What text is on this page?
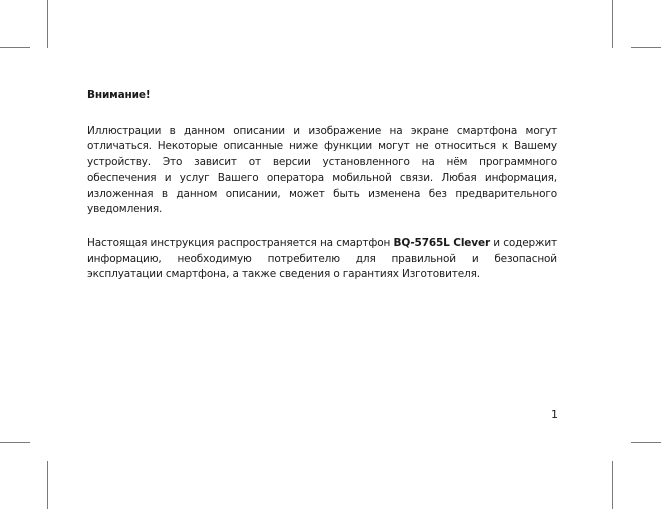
Внимание!

Иллюстрации в данном описании и изображение на экране смартфона могут отличаться. Некоторые описанные ниже функции могут не относиться к Вашему устройству. Это зависит от версии установленного на нём программного обеспечения и услуг Вашего оператора мобильной связи. Любая информация, изложенная в данном описании, может быть изменена без предварительного уведомления.

Настоящая инструкция распространяется на смартфон BQ-5765L Clever и содержит информацию, необходимую потребителю для правильной и безопасной эксплуатации смартфона, а также сведения о гарантиях Изготовителя.

1
